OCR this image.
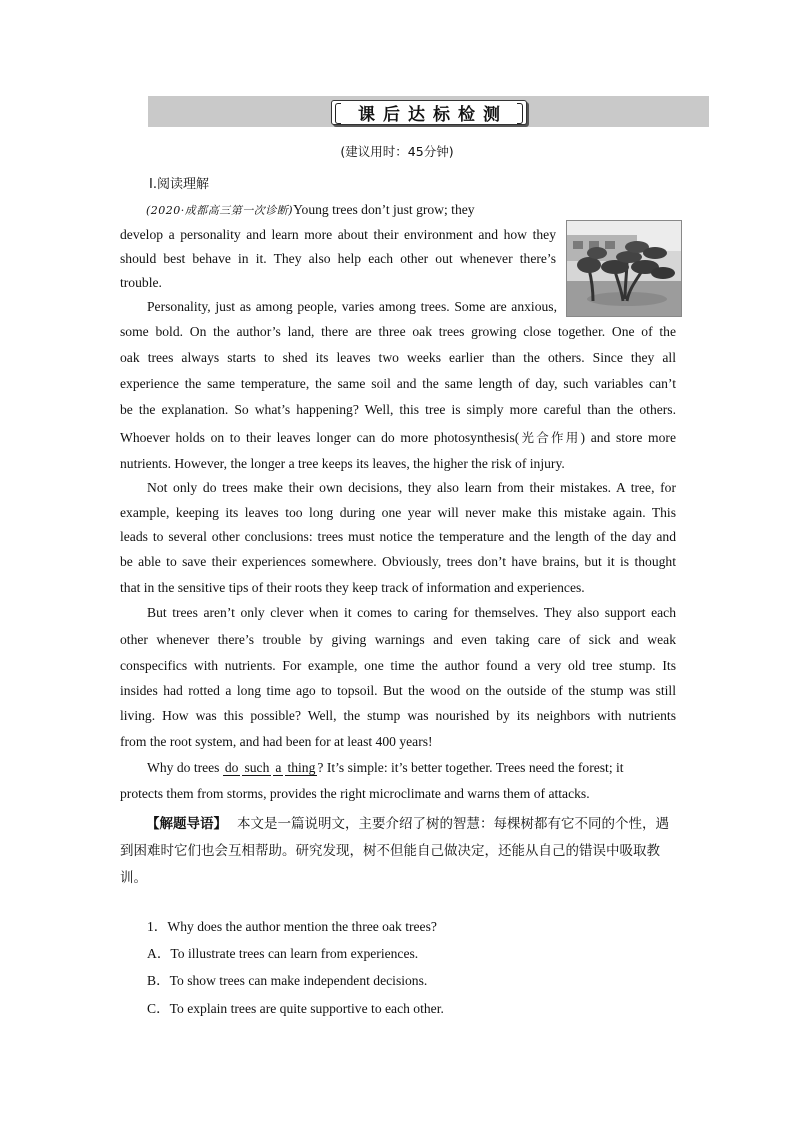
课后达标检测
(建议用时：45分钟)
Ⅰ.阅读理解
(2020·成都高三第一次诊断)Young trees don’t just grow; they
develop a personality and learn more about their environment and how they
should best behave in it. They also help each other out whenever there’s
trouble.
Personality, just as among people, varies among trees. Some are anxious,
some bold. On the author’s land, there are three oak trees growing close together. One of the
oak trees always starts to shed its leaves two weeks earlier than the others. Since they all
experience the same temperature, the same soil and the same length of day, such variables can’t
be the explanation. So what’s happening? Well, this tree is simply more careful than the others.
Whoever holds on to their leaves longer can do more photosynthesis(光合作用) and store more
nutrients. However, the longer a tree keeps its leaves, the higher the risk of injury.
Not only do trees make their own decisions, they also learn from their mistakes. A tree, for
example, keeping its leaves too long during one year will never make this mistake again. This
leads to several other conclusions: trees must notice the temperature and the length of the day and
be able to save their experiences somewhere. Obviously, trees don’t have brains, but it is thought
that in the sensitive tips of their roots they keep track of information and experiences.
But trees aren’t only clever when it comes to caring for themselves. They also support each
other whenever there’s trouble by giving warnings and even taking care of sick and weak
conspecifics with nutrients. For example, one time the author found a very old tree stump. Its
insides had rotted a long time ago to topsoil. But the wood on the outside of the stump was still
living. How was this possible? Well, the stump was nourished by its neighbors with nutrients
from the root system, and had been for at least 400 years!
Why do trees do such a thing ? It’s simple: it’s better together. Trees need the forest; it
protects them from storms, provides the right microclimate and warns them of attacks.
【解题导语】 本文是一篇说明文，主要介绍了树的智慧：每棵树都有它不同的个性，遇到困难时它们也会互相帮助。研究发现，树不但能自己做决定，还能从自己的错误中吸取教训。
1．Why does the author mention the three oak trees?
A．To illustrate trees can learn from experiences.
B．To show trees can make independent decisions.
C．To explain trees are quite supportive to each other.
